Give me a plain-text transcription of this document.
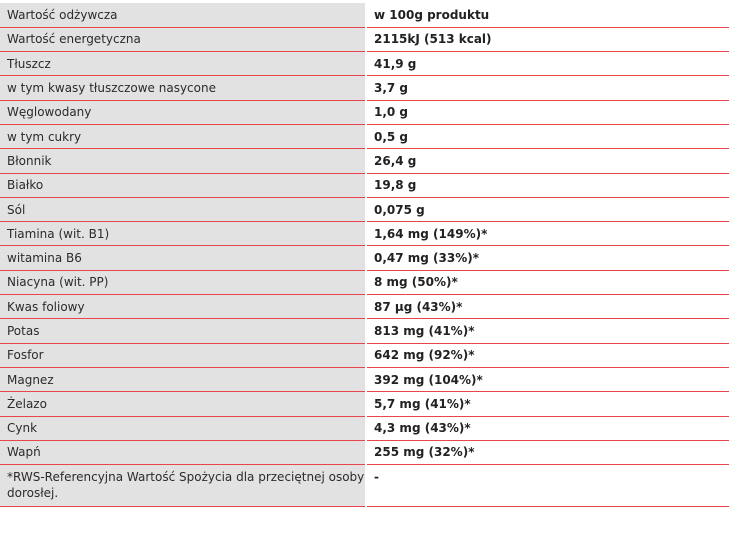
Wartość odżywcza	w 100g produktu
Wartość energetyczna	2115kJ (513 kcal)
Tłuszcz	41,9 g
w tym kwasy tłuszczowe nasycone	3,7 g
Węglowodany	1,0 g
w tym cukry	0,5 g
Błonnik	26,4 g
Białko	19,8 g
Sól	0,075 g
Tiamina (wit. B1)	1,64 mg (149%)*
witamina B6	0,47 mg (33%)*
Niacyna (wit. PP)	8 mg (50%)*
Kwas foliowy	87 µg (43%)*
Potas	813 mg (41%)*
Fosfor	642 mg (92%)*
Magnez	392 mg (104%)*
Żelazo	5,7 mg (41%)*
Cynk	4,3 mg (43%)*
Wapń	255 mg (32%)*
*RWS-Referencyjna Wartość Spożycia dla przeciętnej osoby dorosłej.	-
